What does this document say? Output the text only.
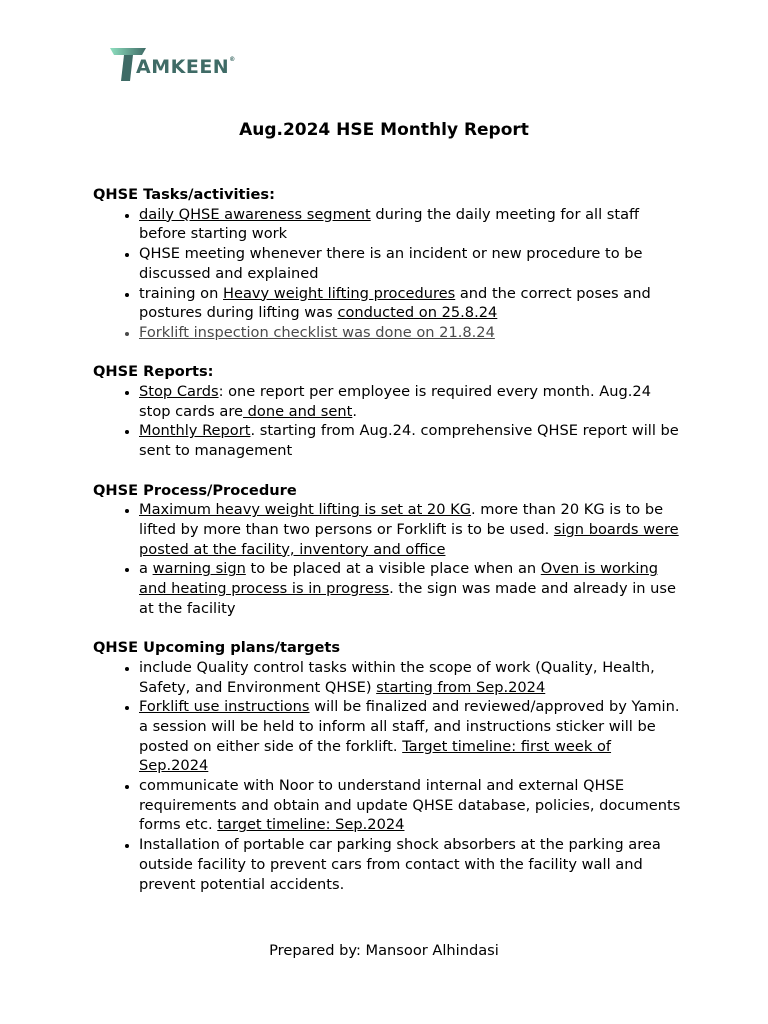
AMKEEN®
Aug.2024 HSE Monthly Report
QHSE Tasks/activities:
• daily QHSE awareness segment during the daily meeting for all staff before starting work
• QHSE meeting whenever there is an incident or new procedure to be discussed and explained
• training on Heavy weight lifting procedures and the correct poses and postures during lifting was conducted on 25.8.24
• Forklift inspection checklist was done on 21.8.24
QHSE Reports:
• Stop Cards: one report per employee is required every month. Aug.24 stop cards are done and sent.
• Monthly Report. starting from Aug.24. comprehensive QHSE report will be sent to management
QHSE Process/Procedure
• Maximum heavy weight lifting is set at 20 KG. more than 20 KG is to be lifted by more than two persons or Forklift is to be used. sign boards were posted at the facility, inventory and office
• a warning sign to be placed at a visible place when an Oven is working and heating process is in progress. the sign was made and already in use at the facility
QHSE Upcoming plans/targets
• include Quality control tasks within the scope of work (Quality, Health, Safety, and Environment QHSE) starting from Sep.2024
• Forklift use instructions will be finalized and reviewed/approved by Yamin. a session will be held to inform all staff, and instructions sticker will be posted on either side of the forklift. Target timeline: first week of Sep.2024
• communicate with Noor to understand internal and external QHSE requirements and obtain and update QHSE database, policies, documents forms etc. target timeline: Sep.2024
• Installation of portable car parking shock absorbers at the parking area outside facility to prevent cars from contact with the facility wall and prevent potential accidents.
Prepared by: Mansoor Alhindasi
